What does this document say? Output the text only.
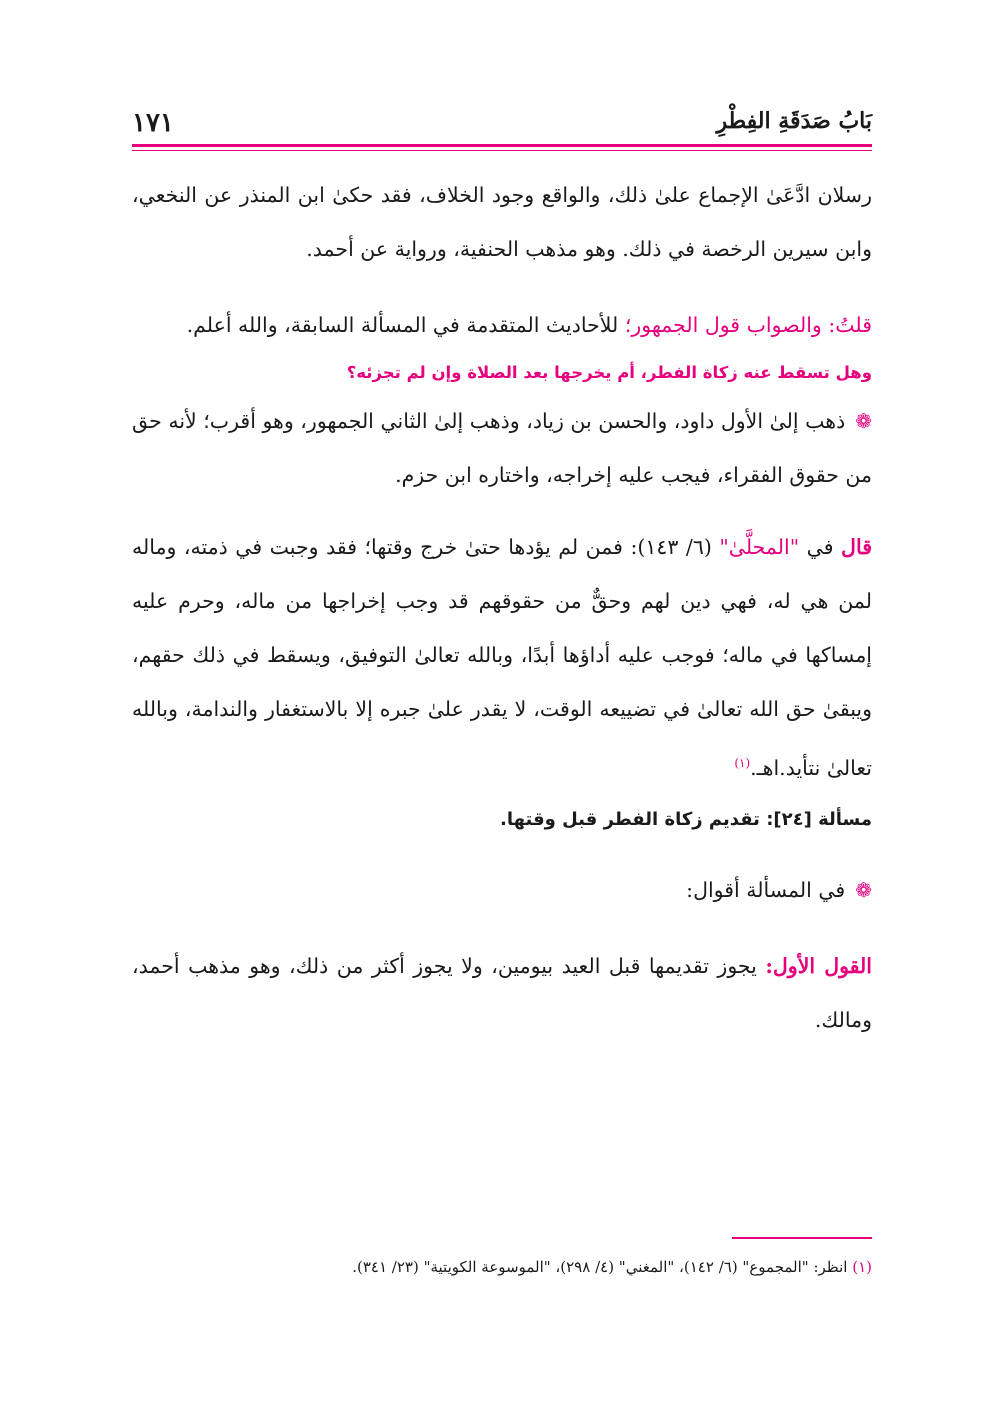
بَابُ صَدَقَةِ الفِطْرِ
١٧١

رسلان ادَّعَىٰ الإجماع علىٰ ذلك، والواقع وجود الخلاف، فقد حكىٰ ابن المنذر عن النخعي، وابن سيرين الرخصة في ذلك. وهو مذهب الحنفية، ورواية عن أحمد.

قلتُ: والصواب قول الجمهور؛ للأحاديث المتقدمة في المسألة السابقة، والله أعلم.

وهل تسقط عنه زكاة الفطر، أم يخرجها بعد الصلاة وإن لم تجزئه؟

❁ذهب إلىٰ الأول داود، والحسن بن زياد، وذهب إلىٰ الثاني الجمهور، وهو أقرب؛ لأنه حق من حقوق الفقراء، فيجب عليه إخراجه، واختاره ابن حزم.

قال في "المحلَّىٰ" (٦/ ١٤٣): فمن لم يؤدها حتىٰ خرج وقتها؛ فقد وجبت في ذمته، وماله لمن هي له، فهي دين لهم وحقٌّ من حقوقهم قد وجب إخراجها من ماله، وحرم عليه إمساكها في ماله؛ فوجب عليه أداؤها أبدًا، وبالله تعالىٰ التوفيق، ويسقط في ذلك حقهم، ويبقىٰ حق الله تعالىٰ في تضييعه الوقت، لا يقدر علىٰ جبره إلا بالاستغفار والندامة، وبالله تعالىٰ نتأيد.اهـ.$^{(١)}$

مسألة [٢٤]: تقديم زكاة الفطر قبل وقتها.

❁في المسألة أقوال:

القول الأول: يجوز تقديمها قبل العيد بيومين، ولا يجوز أكثر من ذلك، وهو مذهب أحمد، ومالك.

(١) انظر: "المجموع" (٦/ ١٤٢)، "المغني" (٤/ ٢٩٨)، "الموسوعة الكويتية" (٢٣/ ٣٤١).
